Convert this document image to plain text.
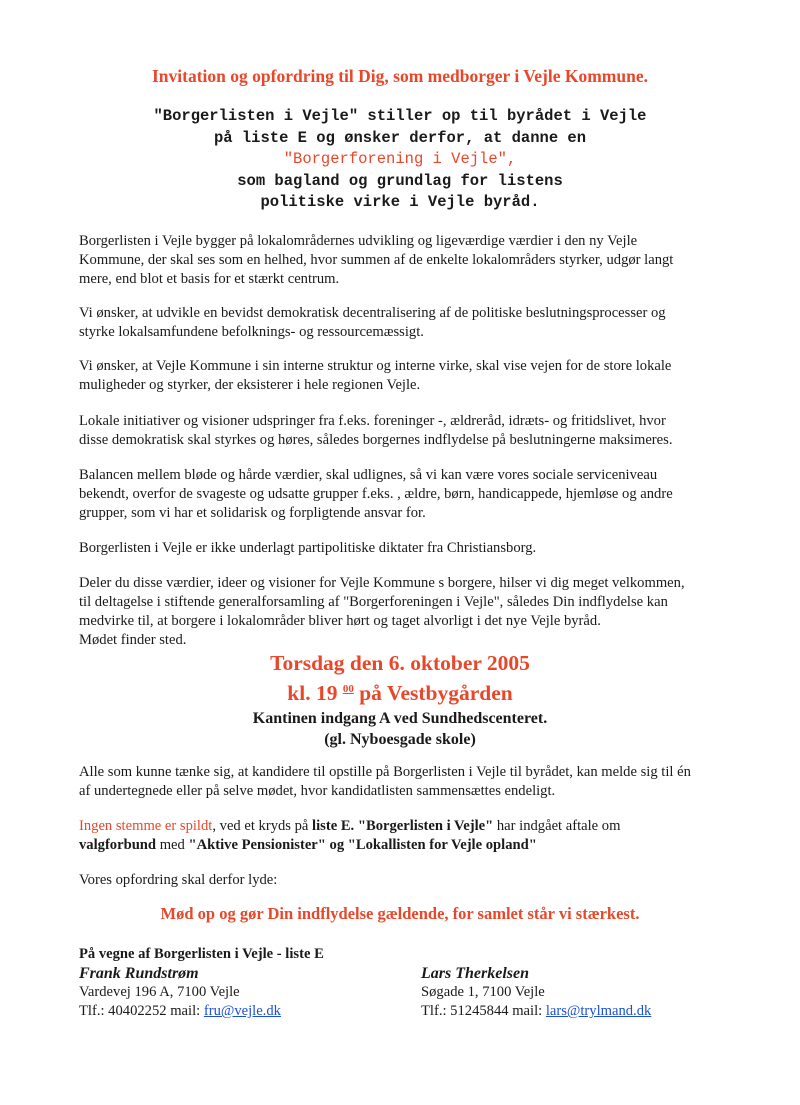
Invitation og opfordring til Dig, som medborger i Vejle Kommune.
"Borgerlisten i Vejle" stiller op til byrådet i Vejle
på liste E og ønsker derfor, at danne en
"Borgerforening i Vejle",
som bagland og grundlag for listens
politiske virke i Vejle byråd.

Borgerlisten i Vejle bygger på lokalområdernes udvikling og ligeværdige værdier i den ny Vejle

Kommune, der skal ses som en helhed, hvor summen af de enkelte lokalområders styrker, udgør langt

mere, end blot et basis for et stærkt centrum.

Vi ønsker, at udvikle en bevidst demokratisk decentralisering af de politiske beslutningsprocesser og

styrke lokalsamfundene befolknings- og ressourcemæssigt.

Vi ønsker, at Vejle Kommune i sin interne struktur og interne virke, skal vise vejen for de store lokale

muligheder og styrker, der eksisterer i hele regionen Vejle.

Lokale initiativer og visioner udspringer fra f.eks. foreninger -, ældreråd, idræts- og fritidslivet, hvor

disse demokratisk skal styrkes og høres, således borgernes indflydelse på beslutningerne maksimeres.

Balancen mellem bløde og hårde værdier, skal udlignes, så vi kan være vores sociale serviceniveau

bekendt, overfor de svageste og udsatte grupper f.eks. , ældre, børn, handicappede, hjemløse og andre

grupper, som vi har et solidarisk og forpligtende ansvar for.

Borgerlisten i Vejle er ikke underlagt partipolitiske diktater fra Christiansborg.

Deler du disse værdier, ideer og visioner for Vejle Kommune s borgere, hilser vi dig meget velkommen,

til deltagelse i stiftende generalforsamling af "Borgerforeningen i Vejle", således Din indflydelse kan

medvirke til, at borgere i lokalområder bliver hørt og taget alvorligt i det nye Vejle byråd.

Mødet finder sted.

Torsdag den 6. oktober 2005
kl. 19 $^{00}$ på Vestbygården
Kantinen indgang A ved Sundhedscenteret.
(gl. Nyboesgade skole)

Alle som kunne tænke sig, at kandidere til opstille på Borgerlisten i Vejle til byrådet, kan melde sig til én

af undertegnede eller på selve mødet, hvor kandidatlisten sammensættes endeligt.

Ingen stemme er spildt, ved et kryds på liste E. "Borgerlisten i Vejle" har indgået aftale om

valgforbund med "Aktive Pensionister" og "Lokallisten for Vejle opland"

Vores opfordring skal derfor lyde:

Mød op og gør Din indflydelse gældende, for samlet står vi stærkest.
På vegne af Borgerlisten i Vejle - liste E
Frank Rundstrøm
Vardevej 196 A, 7100 Vejle
Tlf.: 40402252 mail: fru@vejle.dk
Lars Therkelsen
Søgade 1, 7100 Vejle
Tlf.: 51245844 mail: lars@trylmand.dk
